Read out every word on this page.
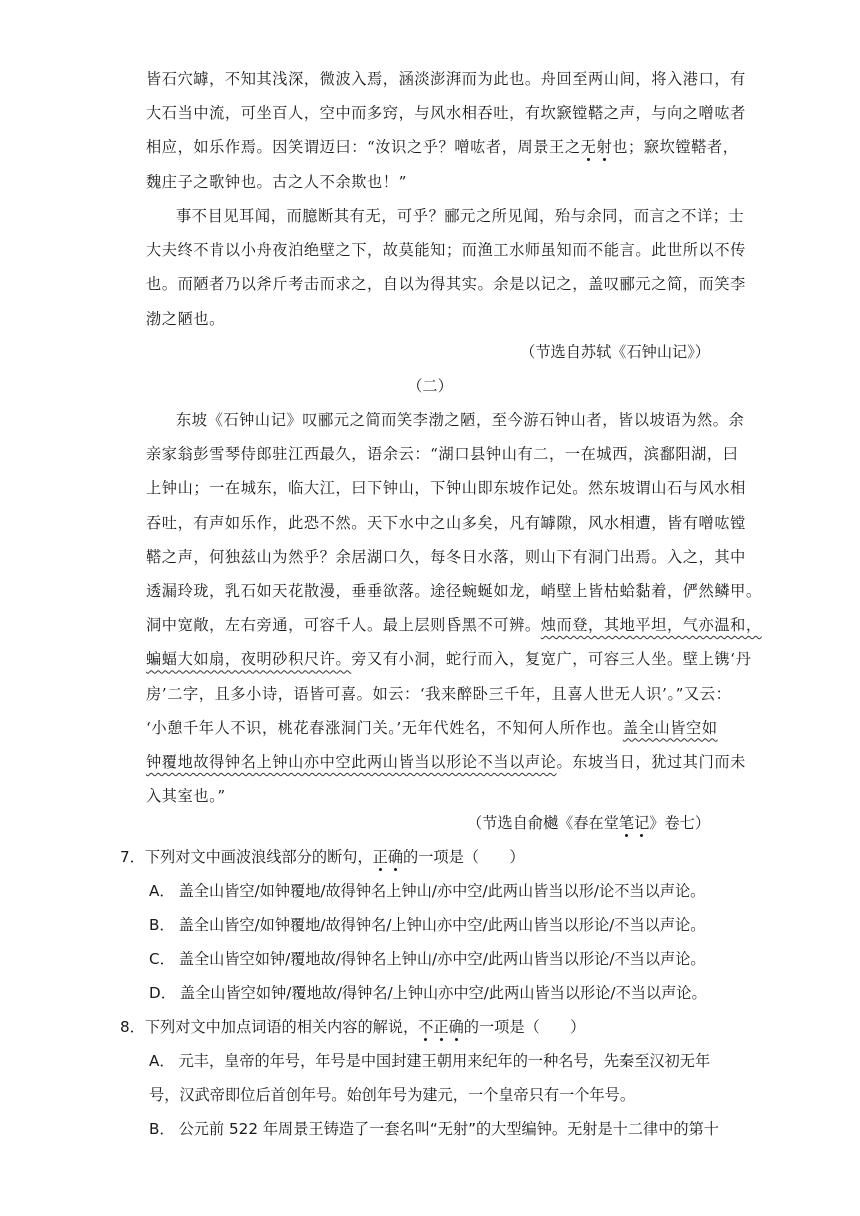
皆石穴罅，不知其浅深，微波入焉，涵淡澎湃而为此也。舟回至两山间，将入港口，有
大石当中流，可坐百人，空中而多窍，与风水相吞吐，有坎窾镗鞳之声，与向之噌吰者
相应，如乐作焉。因笑谓迈曰：“汝识之乎？噌吰者，周景王之无射也；窾坎镗鞳者，
魏庄子之歌钟也。古之人不余欺也！”
事不目见耳闻，而臆断其有无，可乎？郦元之所见闻，殆与余同，而言之不详；士
大夫终不肯以小舟夜泊绝壁之下，故莫能知；而渔工水师虽知而不能言。此世所以不传
也。而陋者乃以斧斤考击而求之，自以为得其实。余是以记之，盖叹郦元之简，而笑李
渤之陋也。
（节选自苏轼《石钟山记》）
（二）
东坡《石钟山记》叹郦元之简而笑李渤之陋，至今游石钟山者，皆以坡语为然。余
亲家翁彭雪琴侍郎驻江西最久，语余云：“湖口县钟山有二，一在城西，滨鄱阳湖，曰
上钟山；一在城东，临大江，曰下钟山，下钟山即东坡作记处。然东坡谓山石与风水相
吞吐，有声如乐作，此恐不然。天下水中之山多矣，凡有罅隙，风水相遭，皆有噌吰镗
鞳之声，何独兹山为然乎？余居湖口久，每冬日水落，则山下有洞门出焉。入之，其中
透漏玲珑，乳石如天花散漫，垂垂欲落。途径蜿蜒如龙，峭壁上皆枯蛤黏着，俨然鳞甲。
洞中宽敞，左右旁通，可容千人。最上层则昏黑不可辨。烛而登，其地平坦，气亦温和，
蝙蝠大如扇，夜明砂积尺许。旁又有小洞，蛇行而入，复宽广，可容三人坐。壁上镌‘丹
房’二字，且多小诗，语皆可喜。如云：‘我来醉卧三千年，且喜人世无人识’。”又云：
‘小憩千年人不识，桃花春涨洞门关。’无年代姓名，不知何人所作也。盖全山皆空如
钟覆地故得钟名上钟山亦中空此两山皆当以形论不当以声论。东坡当日，犹过其门而未
入其室也。”
（节选自俞樾《春在堂笔记》卷七）
7．下列对文中画波浪线部分的断句，正确的一项是（　　）
A． 盖全山皆空/如钟覆地/故得钟名上钟山/亦中空/此两山皆当以形/论不当以声论。
B． 盖全山皆空/如钟覆地/故得钟名/上钟山亦中空/此两山皆当以形论/不当以声论。
C． 盖全山皆空如钟/覆地故/得钟名上钟山/亦中空/此两山皆当以形论/不当以声论。
D． 盖全山皆空如钟/覆地故/得钟名/上钟山亦中空/此两山皆当以形论/不当以声论。
8．下列对文中加点词语的相关内容的解说，不正确的一项是（　　）
A． 元丰，皇帝的年号，年号是中国封建王朝用来纪年的一种名号，先秦至汉初无年
号，汉武帝即位后首创年号。始创年号为建元，一个皇帝只有一个年号。
B． 公元前 522 年周景王铸造了一套名叫“无射”的大型编钟。无射是十二律中的第十
